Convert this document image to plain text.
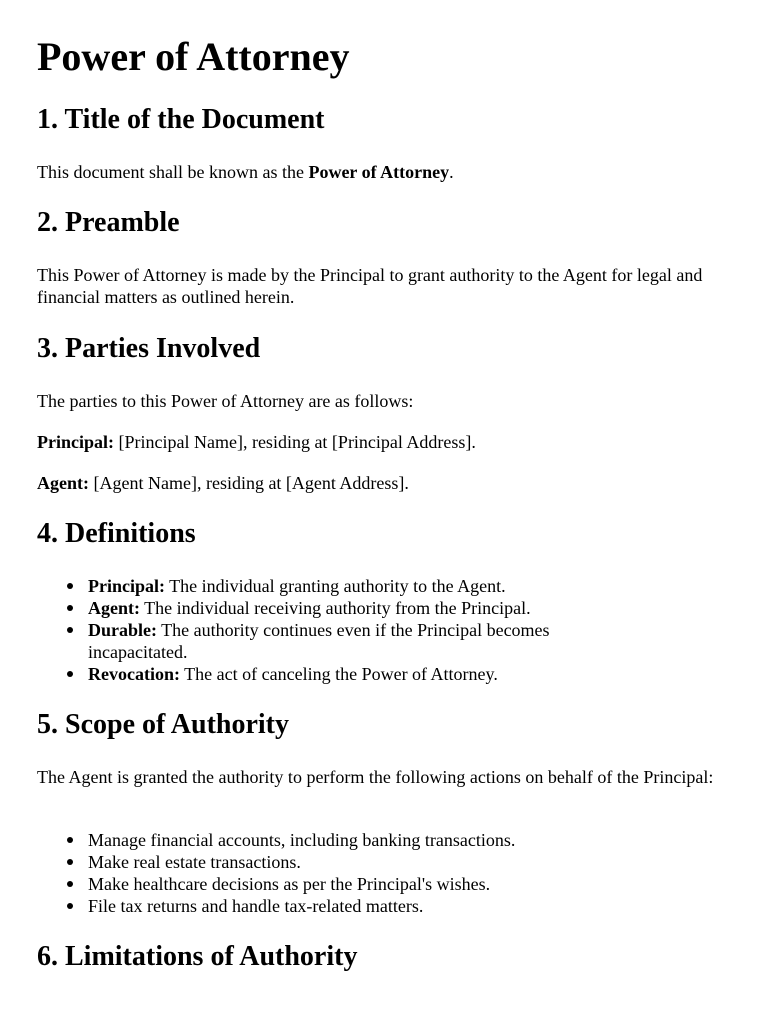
Power of Attorney
1. Title of the Document

This document shall be known as the Power of Attorney.

2. Preamble

This Power of Attorney is made by the Principal to grant authority to the Agent for legal and financial matters as outlined herein.

3. Parties Involved

The parties to this Power of Attorney are as follows:

Principal: [Principal Name], residing at [Principal Address].

Agent: [Agent Name], residing at [Agent Address].

4. Definitions
Principal: The individual granting authority to the Agent.
Agent: The individual receiving authority from the Principal.
Durable: The authority continues even if the Principal becomes incapacitated.
Revocation: The act of canceling the Power of Attorney.
5. Scope of Authority

The Agent is granted the authority to perform the following actions on behalf of the Principal:

Manage financial accounts, including banking transactions.
Make real estate transactions.
Make healthcare decisions as per the Principal's wishes.
File tax returns and handle tax-related matters.
6. Limitations of Authority
